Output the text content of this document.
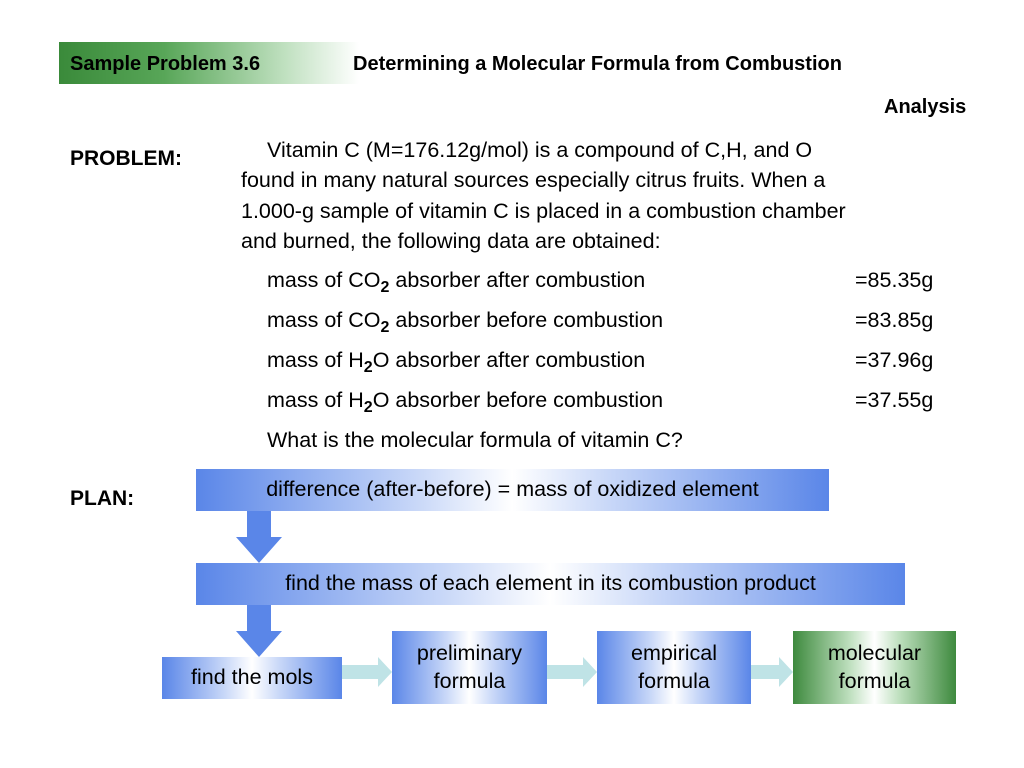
Sample Problem 3.6	Determining a Molecular Formula from Combustion
Analysis
PROBLEM:	Vitamin C (M=176.12g/mol) is a compound of C,H, and O
found in many natural sources especially citrus fruits. When a
1.000-g sample of vitamin C is placed in a combustion chamber
and burned, the following data are obtained:
mass of $CO_2$ absorber after combustion	=85.35g
mass of $CO_2$ absorber before combustion	=83.85g
mass of $H_2O$ absorber after combustion	=37.96g
mass of $H_2O$ absorber before combustion	=37.55g
What is the molecular formula of vitamin C?
PLAN:	difference (after-before) = mass of oxidized element
find the mass of each element in its combustion product
find the mols
preliminary
formula
empirical
formula
molecular
formula
